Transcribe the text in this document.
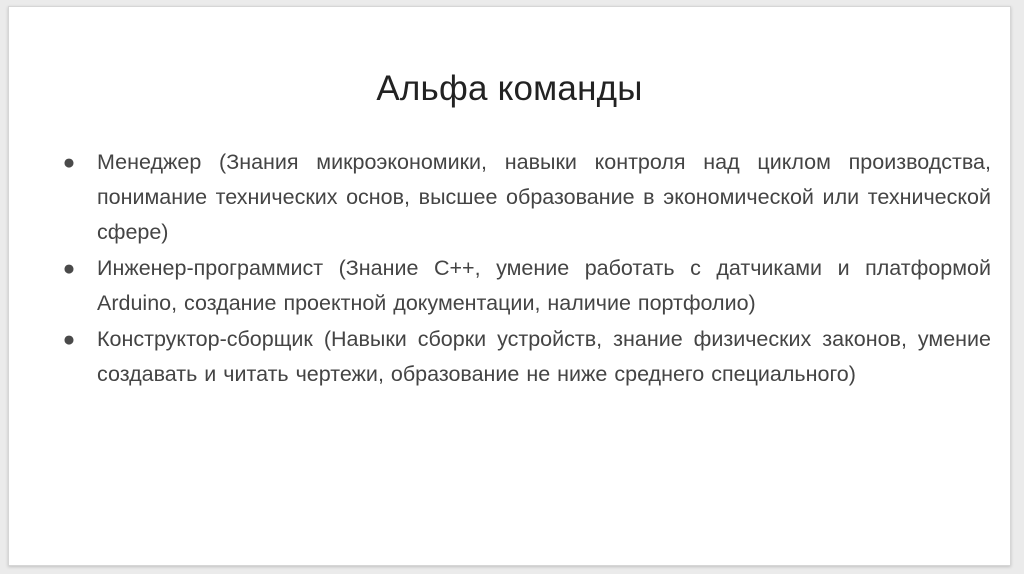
Альфа команды
● Менеджер (Знания микроэкономики, навыки контроля над циклом производства, понимание технических основ, высшее образование в экономической или технической сфере)
● Инженер-программист (Знание С++, умение работать с датчиками и платформой Arduino, создание проектной документации, наличие портфолио)
● Конструктор-сборщик (Навыки сборки устройств, знание физических законов, умение создавать и читать чертежи, образование не ниже среднего специального)
